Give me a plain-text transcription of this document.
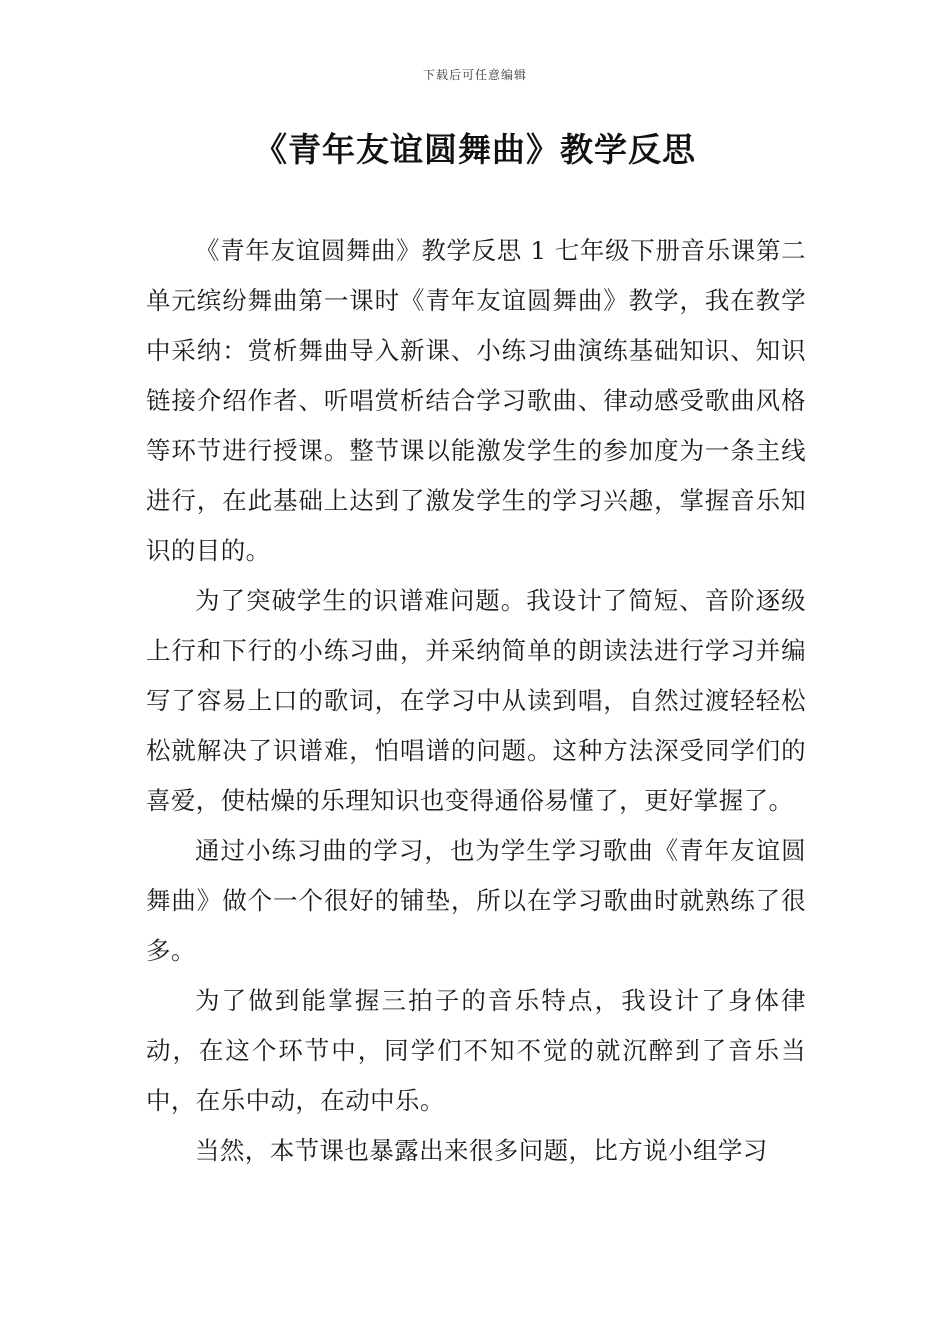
下载后可任意编辑
《青年友谊圆舞曲》教学反思

《青年友谊圆舞曲》教学反思 1 七年级下册音乐课第二单元缤纷舞曲第一课时《青年友谊圆舞曲》教学，我在教学中采纳：赏析舞曲导入新课、小练习曲演练基础知识、知识链接介绍作者、听唱赏析结合学习歌曲、律动感受歌曲风格等环节进行授课。整节课以能激发学生的参加度为一条主线进行，在此基础上达到了激发学生的学习兴趣，掌握音乐知识的目的。

为了突破学生的识谱难问题。我设计了简短、音阶逐级上行和下行的小练习曲，并采纳简单的朗读法进行学习并编写了容易上口的歌词，在学习中从读到唱，自然过渡轻轻松松就解决了识谱难，怕唱谱的问题。这种方法深受同学们的喜爱，使枯燥的乐理知识也变得通俗易懂了，更好掌握了。

通过小练习曲的学习，也为学生学习歌曲《青年友谊圆舞曲》做个一个很好的铺垫，所以在学习歌曲时就熟练了很多。

为了做到能掌握三拍子的音乐特点，我设计了身体律动，在这个环节中，同学们不知不觉的就沉醉到了音乐当中，在乐中动，在动中乐。

当然，本节课也暴露出来很多问题，比方说小组学习
